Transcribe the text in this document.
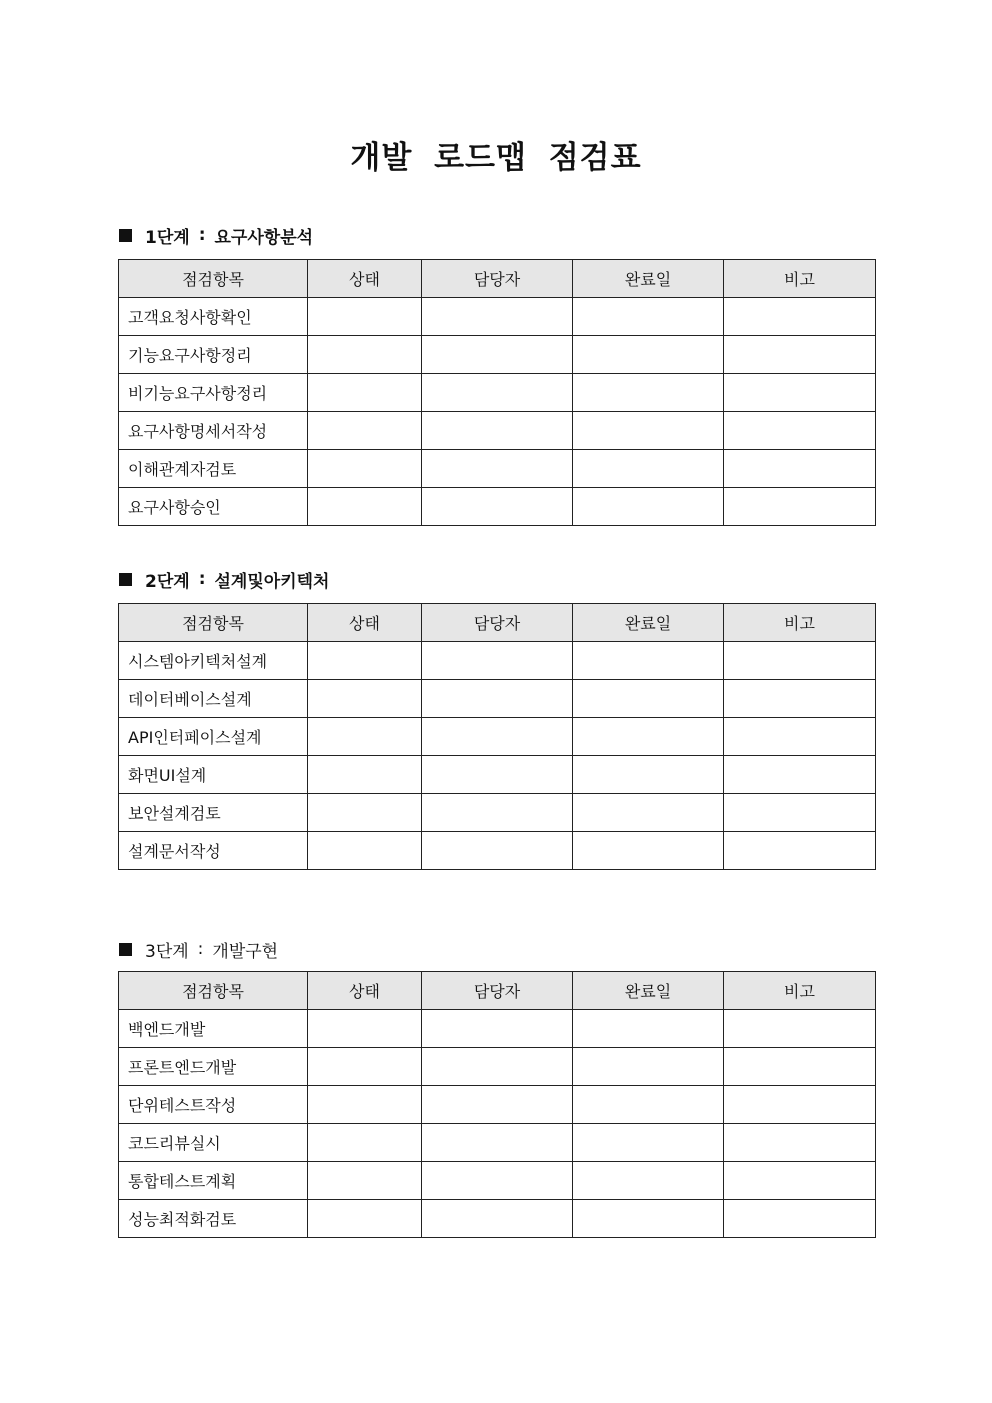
개발 로드맵 점검표
1단계 : 요구사항분석
점검항목	상태	담당자	완료일	비고
고객요청사항확인				
기능요구사항정리				
비기능요구사항정리				
요구사항명세서작성				
이해관계자검토				
요구사항승인				
2단계 : 설계및아키텍처
점검항목	상태	담당자	완료일	비고
시스템아키텍처설계				
데이터베이스설계				
API인터페이스설계				
화면UI설계				
보안설계검토				
설계문서작성				
3단계 : 개발구현
점검항목	상태	담당자	완료일	비고
백엔드개발				
프론트엔드개발				
단위테스트작성				
코드리뷰실시				
통합테스트계획				
성능최적화검토				
